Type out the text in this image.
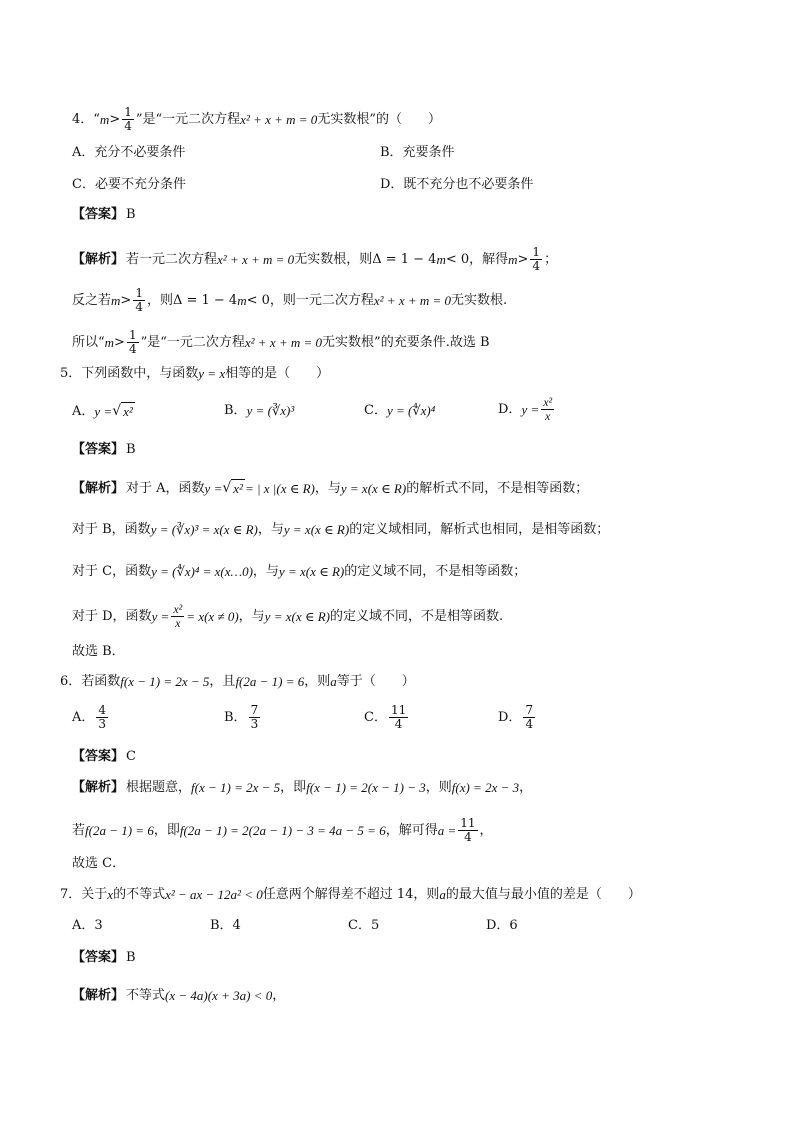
4．“ $m > \frac{1}{4}$ ”是“一元二次方程 x² + x + m = 0 无实数根”的（　　）
A．充分不必要条件	B．充要条件
C．必要不充分条件	D．既不充分也不必要条件
【答案】 B
【解析】 若一元二次方程 x² + x + m = 0 无实数根，则Δ = 1 − 4 m < 0，解得 $m > \frac{1}{4}$ ；
反之若 $m > \frac{1}{4}$ ，则Δ = 1 − 4 m < 0，则一元二次方程 x² + x + m = 0 无实数根.
所以“ $m > \frac{1}{4}$ ”是“一元二次方程 x² + x + m = 0 无实数根”的充要条件.故选 B
5．下列函数中，与函数 y = x 相等的是（　　）
A． y = √ x²	B． y = (∛x)³	C． y = (∜x)⁴	D． $y = \frac{\text{x²}}{x}$
【答案】 B
【解析】 对于 A，函数 y = √ x² = | x |(x ∈ R) ，与 y = x(x ∈ R) 的解析式不同，不是相等函数；
对于 B，函数 y = (∛x)³ = x(x ∈ R) ，与 y = x(x ∈ R) 的定义域相同，解析式也相同，是相等函数；
对于 C，函数 y = (∜x)⁴ = x(x…0) ，与 y = x(x ∈ R) 的定义域不同，不是相等函数；
对于 D，函数 $y = \frac{\text{x²}}{x} = x(x \ne 0)$ ，与 y = x(x ∈ R) 的定义域不同，不是相等函数.
故选 B．
6．若函数 f(x − 1) = 2x − 5 ，且 f(2a − 1) = 6 ，则 a 等于（　　）
A． $\frac{4}{3}$	B． $\frac{7}{3}$	C． $\frac{11}{4}$	D． $\frac{7}{4}$
【答案】 C
【解析】 根据题意， f(x − 1) = 2x − 5 ，即 f(x − 1) = 2(x − 1) − 3 ，则 f(x) = 2x − 3 ，
若 f(2a − 1) = 6 ，即 f(2a − 1) = 2(2a − 1) − 3 = 4a − 5 = 6 ，解可得 $a = \frac{11}{4}$ ，
故选 C．
7．关于 x 的不等式 x² − ax − 12a² < 0 任意两个解得差不超过 14，则 a 的最大值与最小值的差是（　　）
A．3	B．4	C．5	D．6
【答案】 B
【解析】 不等式 (x − 4a)(x + 3a) < 0 ，
